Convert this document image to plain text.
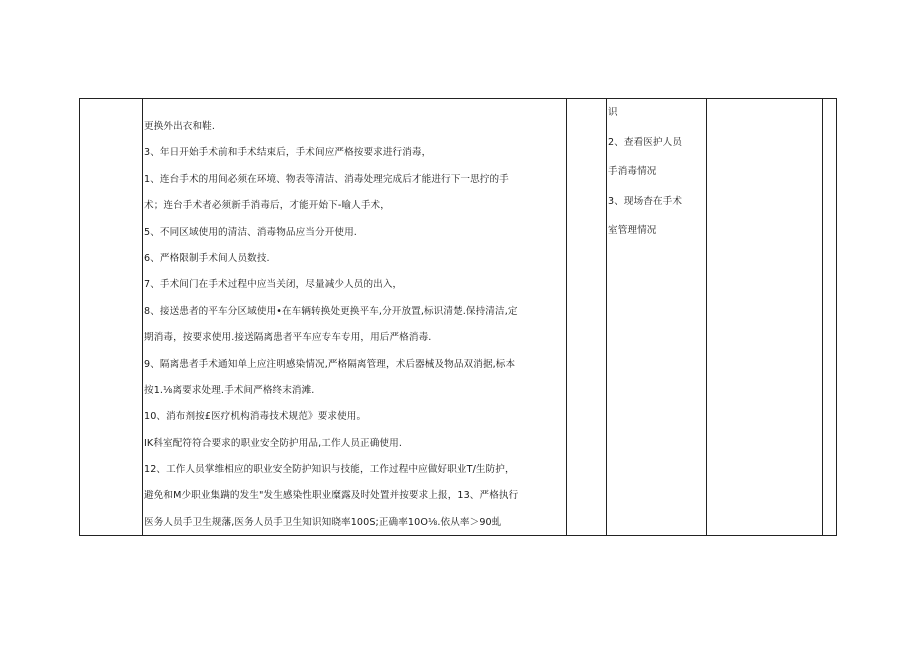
更换外出衣和鞋.
3、年日开始手术前和手术结束后，手术间应严格按要求进行消毒，
1、连台手术的用间必须在环境、物表等清洁、消毒处理完成后才能进行下一思拧的手
术；连台手术者必须新手消毒后，才能开始下-喻人手术，
5、不同区域使用的清洁、消毒物品应当分开使用.
6、严格限制手术间人员数技.
7、手术间门在手术过程中应当关闭，尽量减少人员的出入，
8、接送患者的平车分区域使用•在车辆转换处更换平车,分开放置,标识清楚.保持清洁,定
期消毒，按要求使用.接送隔离患者平车应专车专用，用后严格消毒.
9、隔离患者手术通知单上应注明感染情况,严格隔离管理，术后器械及物品双消据,标本
按1.⅛离要求处理.手术间严格终末消滩.
10、消布剂按£医疗机构消毒技术规范》要求使用。
IK科室配符符合要求的职业安全防护用品,工作人员正确使用.
12、工作人员掌维相应的职业安全防护知识与技能，工作过程中应做好职业T/生防护，
避免和M少职业集蹒的发生"发生感染性职业糜露及时处置并按要求上报，13、严格执行
医务人员手卫生规藩,医务人员手卫生知识知晓率100S;正确率10O⅛.依从率＞90虬
识
2、查看医护人员
手消毒情况
3、现场杳在手术
室管理情况
